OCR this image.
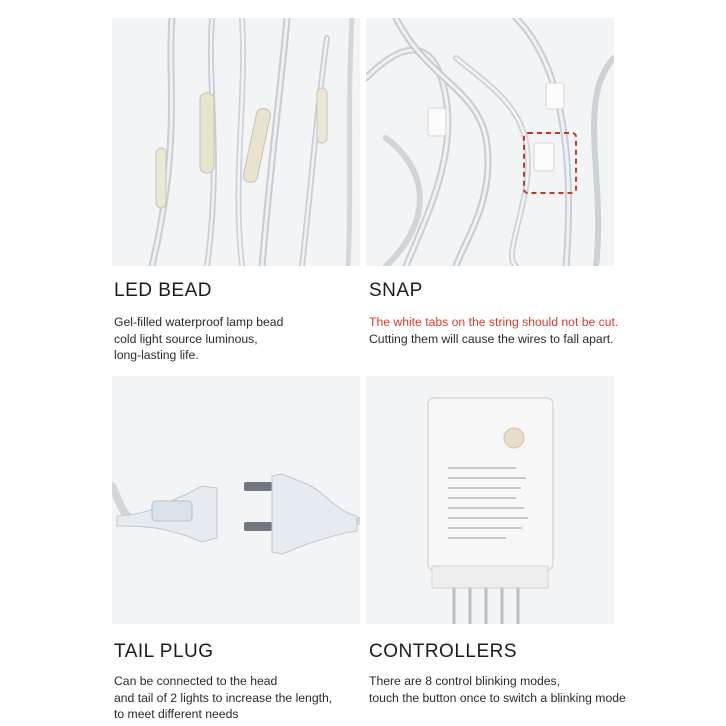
LED BEAD
Gel-filled waterproof lamp bead
cold light source luminous,
long-lasting life.
SNAP
The white tabs on the string should not be cut.
Cutting them will cause the wires to fall apart.
TAIL PLUG
Can be connected to the head
and tail of 2 lights to increase the length,
to meet different needs
CONTROLLERS
There are 8 control blinking modes,
touch the button once to switch a blinking mode
